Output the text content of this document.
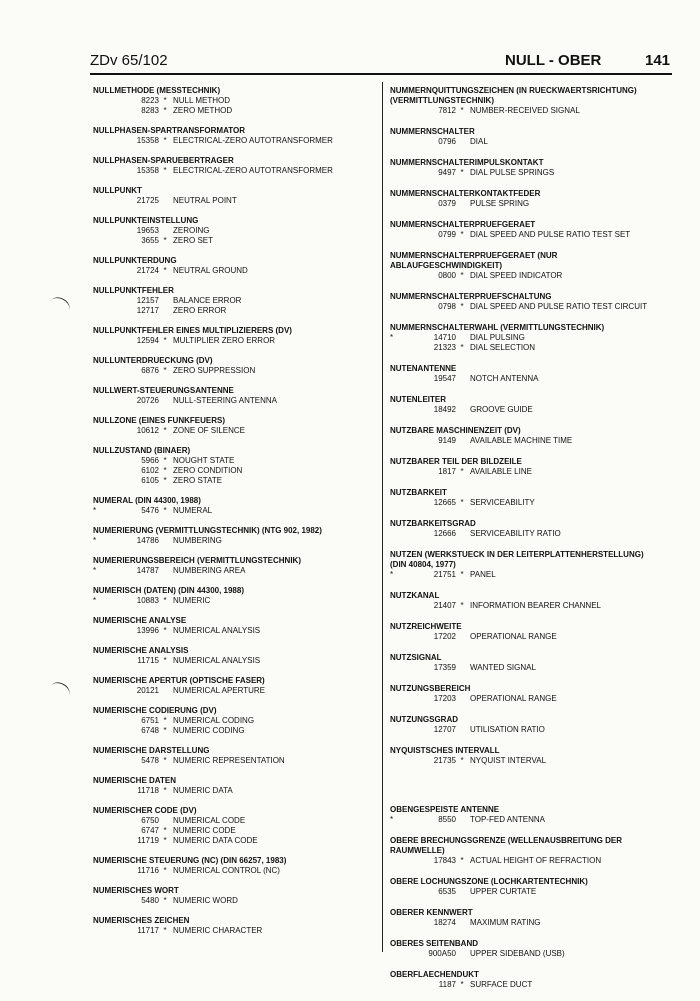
ZDv 65/102	NULL - OBER	141
NULLMETHODE (MESSTECHNIK)
8223 * NULL METHOD
8283 * ZERO METHOD
NULLPHASEN-SPARTRANSFORMATOR
15358 * ELECTRICAL-ZERO AUTOTRANSFORMER
NULLPHASEN-SPARUEBERTRAGER
15358 * ELECTRICAL-ZERO AUTOTRANSFORMER
NULLPUNKT
21725 NEUTRAL POINT
NULLPUNKTEINSTELLUNG
19653 ZEROING
3655 * ZERO SET
NULLPUNKTERDUNG
21724 * NEUTRAL GROUND
NULLPUNKTFEHLER
12157 BALANCE ERROR
12717 ZERO ERROR
NULLPUNKTFEHLER EINES MULTIPLIZIERERS (DV)
12594 * MULTIPLIER ZERO ERROR
NULLUNTERDRUECKUNG (DV)
6876 * ZERO SUPPRESSION
NULLWERT-STEUERUNGSANTENNE
20726 NULL-STEERING ANTENNA
NULLZONE (EINES FUNKFEUERS)
10612 * ZONE OF SILENCE
NULLZUSTAND (BINAER)
5966 * NOUGHT STATE
6102 * ZERO CONDITION
6105 * ZERO STATE
NUMERAL (DIN 44300, 1988)
*	5476 * NUMERAL
NUMERIERUNG (VERMITTLUNGSTECHNIK) (NTG 902, 1982)
*	14786 NUMBERING
NUMERIERUNGSBEREICH (VERMITTLUNGSTECHNIK)
*	14787 NUMBERING AREA
NUMERISCH (DATEN) (DIN 44300, 1988)
*	10883 * NUMERIC
NUMERISCHE ANALYSE
13996 * NUMERICAL ANALYSIS
NUMERISCHE ANALYSIS
11715 * NUMERICAL ANALYSIS
NUMERISCHE APERTUR (OPTISCHE FASER)
20121 NUMERICAL APERTURE
NUMERISCHE CODIERUNG (DV)
6751 * NUMERICAL CODING
6748 * NUMERIC CODING
NUMERISCHE DARSTELLUNG
5478 * NUMERIC REPRESENTATION
NUMERISCHE DATEN
11718 * NUMERIC DATA
NUMERISCHER CODE (DV)
6750 NUMERICAL CODE
6747 * NUMERIC CODE
11719 * NUMERIC DATA CODE
NUMERISCHE STEUERUNG (NC) (DIN 66257, 1983)
11716 * NUMERICAL CONTROL (NC)
NUMERISCHES WORT
5480 * NUMERIC WORD
NUMERISCHES ZEICHEN
11717 * NUMERIC CHARACTER
NUMMERNQUITTUNGSZEICHEN (IN RUECKWAERTSRICHTUNG) (VERMITTLUNGSTECHNIK)
7812 * NUMBER-RECEIVED SIGNAL
NUMMERNSCHALTER
0796 DIAL
NUMMERNSCHALTERIMPULSKONTAKT
9497 * DIAL PULSE SPRINGS
NUMMERNSCHALTERKONTAKTFEDER
0379 PULSE SPRING
NUMMERNSCHALTERPRUEFGERAET
0799 * DIAL SPEED AND PULSE RATIO TEST SET
NUMMERNSCHALTERPRUEFGERAET (NUR ABLAUFGESCHWINDIGKEIT)
0800 * DIAL SPEED INDICATOR
NUMMERNSCHALTERPRUEFSCHALTUNG
0798 * DIAL SPEED AND PULSE RATIO TEST CIRCUIT
NUMMERNSCHALTERWAHL (VERMITTLUNGSTECHNIK)
*	14710 DIAL PULSING
21323 * DIAL SELECTION
NUTENANTENNE
19547 NOTCH ANTENNA
NUTENLEITER
18492 GROOVE GUIDE
NUTZBARE MASCHINENZEIT (DV)
9149 AVAILABLE MACHINE TIME
NUTZBARER TEIL DER BILDZEILE
1817 * AVAILABLE LINE
NUTZBARKEIT
12665 * SERVICEABILITY
NUTZBARKEITSGRAD
12666 SERVICEABILITY RATIO
NUTZEN (WERKSTUECK IN DER LEITERPLATTENHERSTELLUNG) (DIN 40804, 1977)
*	21751 * PANEL
NUTZKANAL
21407 * INFORMATION BEARER CHANNEL
NUTZREICHWEITE
17202 OPERATIONAL RANGE
NUTZSIGNAL
17359 WANTED SIGNAL
NUTZUNGSBEREICH
17203 OPERATIONAL RANGE
NUTZUNGSGRAD
12707 UTILISATION RATIO
NYQUISTSCHES INTERVALL
21735 * NYQUIST INTERVAL
OBENGESPEISTE ANTENNE
*	8550 TOP-FED ANTENNA
OBERE BRECHUNGSGRENZE (WELLENAUSBREITUNG DER RAUMWELLE)
17843 * ACTUAL HEIGHT OF REFRACTION
OBERE LOCHUNGSZONE (LOCHKARTENTECHNIK)
6535 UPPER CURTATE
OBERER KENNWERT
18274 MAXIMUM RATING
OBERES SEITENBAND
900A50 UPPER SIDEBAND (USB)
OBERFLAECHENDUKT
1187 * SURFACE DUCT
